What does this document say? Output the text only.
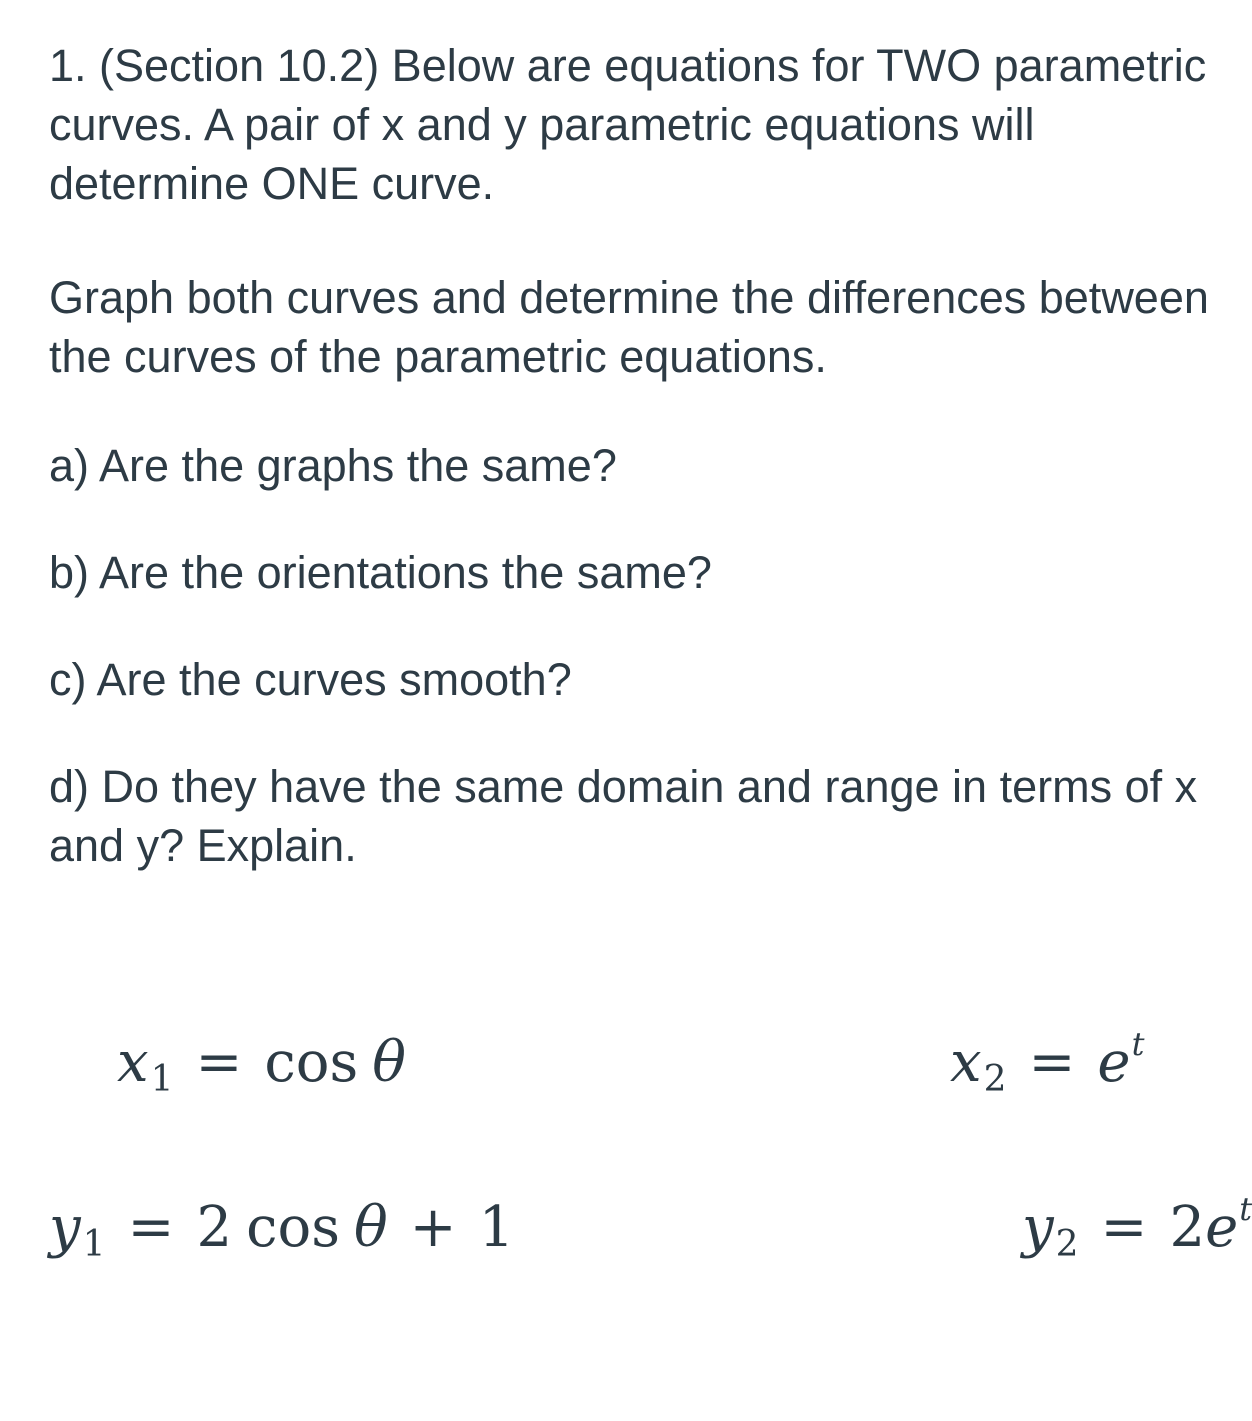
1. (Section 10.2) Below are equations for TWO parametric curves. A pair of x and y parametric equations will determine ONE curve.

Graph both curves and determine the differences between the curves of the parametric equations.

a) Are the graphs the same?

b) Are the orientations the same?

c) Are the curves smooth?

d) Do they have the same domain and range in terms of x and y? Explain.

x1 = cos θ	$x2 = e^t$
y1 = 2 cos θ + 1	$y2 = 2e^t$
